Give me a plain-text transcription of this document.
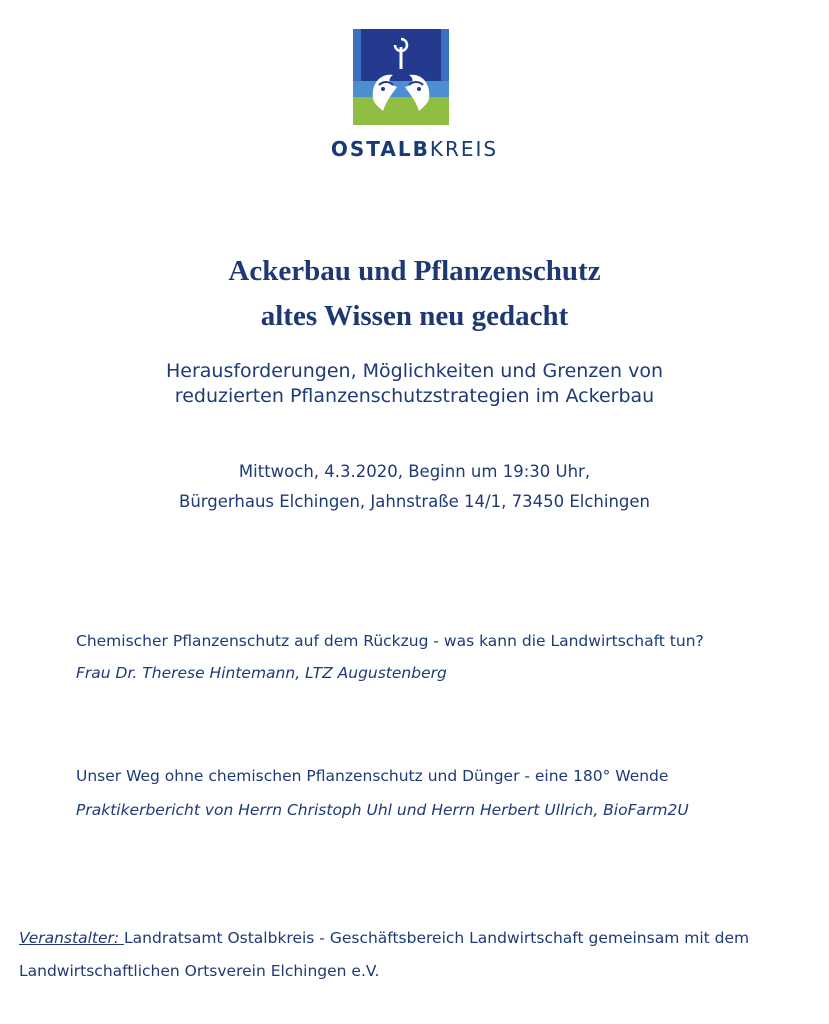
OSTALBKREIS
Ackerbau und Pflanzenschutz
altes Wissen neu gedacht
Herausforderungen, Möglichkeiten und Grenzen von
reduzierten Pflanzenschutzstrategien im Ackerbau
Mittwoch, 4.3.2020, Beginn um 19:30 Uhr,
Bürgerhaus Elchingen, Jahnstraße 14/1, 73450 Elchingen
Chemischer Pflanzenschutz auf dem Rückzug - was kann die Landwirtschaft tun?
Frau Dr. Therese Hintemann, LTZ Augustenberg
Unser Weg ohne chemischen Pflanzenschutz und Dünger - eine 180° Wende
Praktikerbericht von Herrn Christoph Uhl und Herrn Herbert Ullrich, BioFarm2U
Veranstalter: Landratsamt Ostalbkreis - Geschäftsbereich Landwirtschaft gemeinsam mit dem
Landwirtschaftlichen Ortsverein Elchingen e.V.
